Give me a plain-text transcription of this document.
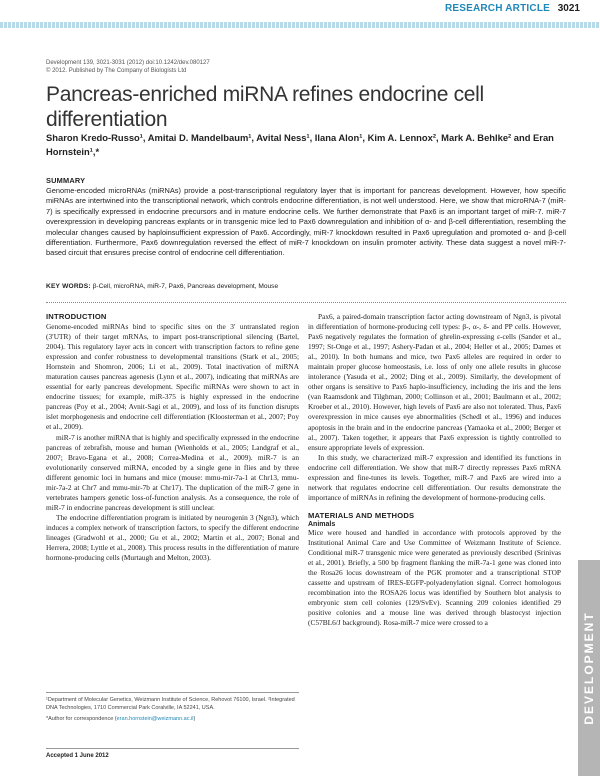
RESEARCH ARTICLE 3021
Development 139, 3021-3031 (2012) doi:10.1242/dev.080127
© 2012. Published by The Company of Biologists Ltd
Pancreas-enriched miRNA refines endocrine cell differentiation
Sharon Kredo-Russo¹, Amitai D. Mandelbaum¹, Avital Ness¹, Ilana Alon¹, Kim A. Lennox², Mark A. Behlke² and Eran Hornstein¹,*
SUMMARY

Genome-encoded microRNAs (miRNAs) provide a post-transcriptional regulatory layer that is important for pancreas development. However, how specific miRNAs are intertwined into the transcriptional network, which controls endocrine differentiation, is not well understood. Here, we show that microRNA-7 (miR-7) is specifically expressed in endocrine precursors and in mature endocrine cells. We further demonstrate that Pax6 is an important target of miR-7. miR-7 overexpression in developing pancreas explants or in transgenic mice led to Pax6 downregulation and inhibition of α- and β-cell differentiation, resembling the molecular changes caused by haploinsufficient expression of Pax6. Accordingly, miR-7 knockdown resulted in Pax6 upregulation and promoted α- and β-cell differentiation. Furthermore, Pax6 downregulation reversed the effect of miR-7 knockdown on insulin promoter activity. These data suggest a novel miR-7-based circuit that ensures precise control of endocrine cell differentiation.

KEY WORDS: β-Cell, microRNA, miR-7, Pax6, Pancreas development, Mouse
INTRODUCTION

Genome-encoded miRNAs bind to specific sites on the 3′ untranslated region (3′UTR) of their target mRNAs, to impart post-transcriptional silencing (Bartel, 2004). This regulatory layer acts in concert with transcription factors to refine gene expression and confer robustness to developmental transitions (Stark et al., 2005; Hornstein and Shomron, 2006; Li et al., 2009). Total inactivation of miRNA maturation causes pancreas agenesis (Lynn et al., 2007), indicating that miRNAs are essential for early pancreas development. Specific miRNAs were shown to act in endocrine tissues; for example, miR-375 is highly expressed in the endocrine pancreas (Poy et al., 2004; Avnit-Sagi et al., 2009), and loss of its function disrupts islet morphogenesis and endocrine cell differentiation (Kloosterman et al., 2007; Poy et al., 2009).

miR-7 is another miRNA that is highly and specifically expressed in the endocrine pancreas of zebrafish, mouse and human (Wienholds et al., 2005; Landgraf et al., 2007; Bravo-Egana et al., 2008; Correa-Medina et al., 2009). miR-7 is an evolutionarily conserved miRNA, encoded by a single gene in flies and by three different genomic loci in humans and mice (mouse: mmu-mir-7a-1 at Chr13, mmu-mir-7a-2 at Chr7 and mmu-mir-7b at Chr17). The duplication of the miR-7 gene in vertebrates hampers genetic loss-of-function analysis. As a consequence, the role of miR-7 in endocrine pancreas development is still unclear.

The endocrine differentiation program is initiated by neurogenin 3 (Ngn3), which induces a complex network of transcription factors, to specify the different endocrine lineages (Gradwohl et al., 2000; Gu et al., 2002; Martin et al., 2007; Bonal and Herrera, 2008; Lyttle et al., 2008). This process results in the differentiation of mature hormone-producing cells (Murtaugh and Melton, 2003).

¹Department of Molecular Genetics, Weizmann Institute of Science, Rehovot 76100, Israel. ²Integrated DNA Technologies, 1710 Commercial Park Coralville, IA 52241, USA.

*Author for correspondence (eran.hornstein@weizmann.ac.il)

Accepted 1 June 2012

Pax6, a paired-domain transcription factor acting downstream of Ngn3, is pivotal in differentiation of hormone-producing cell types: β-, α-, δ- and PP cells. However, Pax6 negatively regulates the formation of ghrelin-expressing ε-cells (Sander et al., 1997; St-Onge et al., 1997; Ashery-Padan et al., 2004; Heller et al., 2005; Dames et al., 2010). In both humans and mice, two Pax6 alleles are required in order to maintain proper glucose homeostasis, i.e. loss of only one allele results in glucose intolerance (Yasuda et al., 2002; Ding et al., 2009). Similarly, the development of other organs is sensitive to Pax6 haplo-insufficiency, including the iris and the lens (van Raamsdonk and Tilghman, 2000; Collinson et al., 2001; Baulmann et al., 2002; Kroeber et al., 2010). However, high levels of Pax6 are also not tolerated. Thus, Pax6 overexpression in mice causes eye abnormalities (Schedl et al., 1996) and induces apoptosis in the brain and in the endocrine pancreas (Yamaoka et al., 2000; Berger et al., 2007). Taken together, it appears that Pax6 expression is tightly controlled to ensure appropriate levels of expression.

In this study, we characterized miR-7 expression and identified its functions in endocrine cell differentiation. We show that miR-7 directly represses Pax6 mRNA expression and fine-tunes its levels. Together, miR-7 and Pax6 are wired into a network that regulates endocrine cell differentiation. Our results demonstrate the importance of miRNAs in refining the development of hormone-producing cells.

MATERIALS AND METHODS
Animals

Mice were housed and handled in accordance with protocols approved by the Institutional Animal Care and Use Committee of Weizmann Institute of Science. Conditional miR-7 transgenic mice were generated as previously described (Srinivas et al., 2001). Briefly, a 500 bp fragment flanking the miR-7a-1 gene was cloned into the Rosa26 locus downstream of the PGK promoter and a transcriptional STOP cassette and upstream of IRES-EGFP-polyadenylation signal. Correct homologous recombination into the ROSA26 locus was identified by Southern blot analysis to embryonic stem cell colonies (129/SvEv). Scanning 209 colonies identified 29 positive colonies and a mouse line was derived through blastocyst injection (C57BL6/J background). Rosa-miR-7 mice were crossed to a	DEVELOPMENT
